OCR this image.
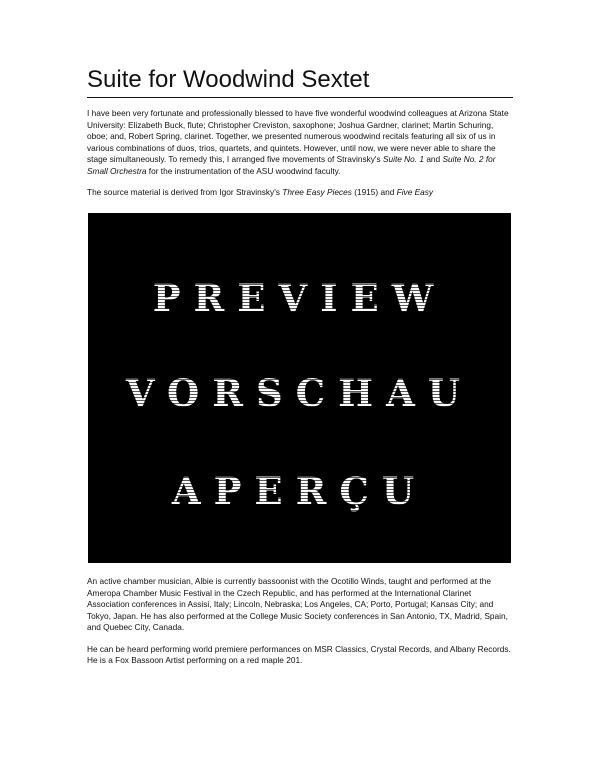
Suite for Woodwind Sextet

I have been very fortunate and professionally blessed to have five wonderful woodwind colleagues at Arizona State University: Elizabeth Buck, flute; Christopher Creviston, saxophone; Joshua Gardner, clarinet; Martin Schuring, oboe; and, Robert Spring, clarinet. Together, we presented numerous woodwind recitals featuring all six of us in various combinations of duos, trios, quartets, and quintets. However, until now, we were never able to share the stage simultaneously. To remedy this, I arranged five movements of Stravinsky's Suite No. 1 and Suite No. 2 for Small Orchestra for the instrumentation of the ASU woodwind faculty.

The source material is derived from Igor Stravinsky's Three Easy Pieces (1915) and Five Easy

PREVIEW
VORSCHAU
APERÇU

An active chamber musician, Albie is currently bassoonist with the Ocotillo Winds, taught and performed at the Ameropa Chamber Music Festival in the Czech Republic, and has performed at the International Clarinet Association conferences in Assisi, Italy; Lincoln, Nebraska; Los Angeles, CA; Porto, Portugal; Kansas City; and Tokyo, Japan. He has also performed at the College Music Society conferences in San Antonio, TX, Madrid, Spain, and Quebec City, Canada.

He can be heard performing world premiere performances on MSR Classics, Crystal Records, and Albany Records. He is a Fox Bassoon Artist performing on a red maple 201.
